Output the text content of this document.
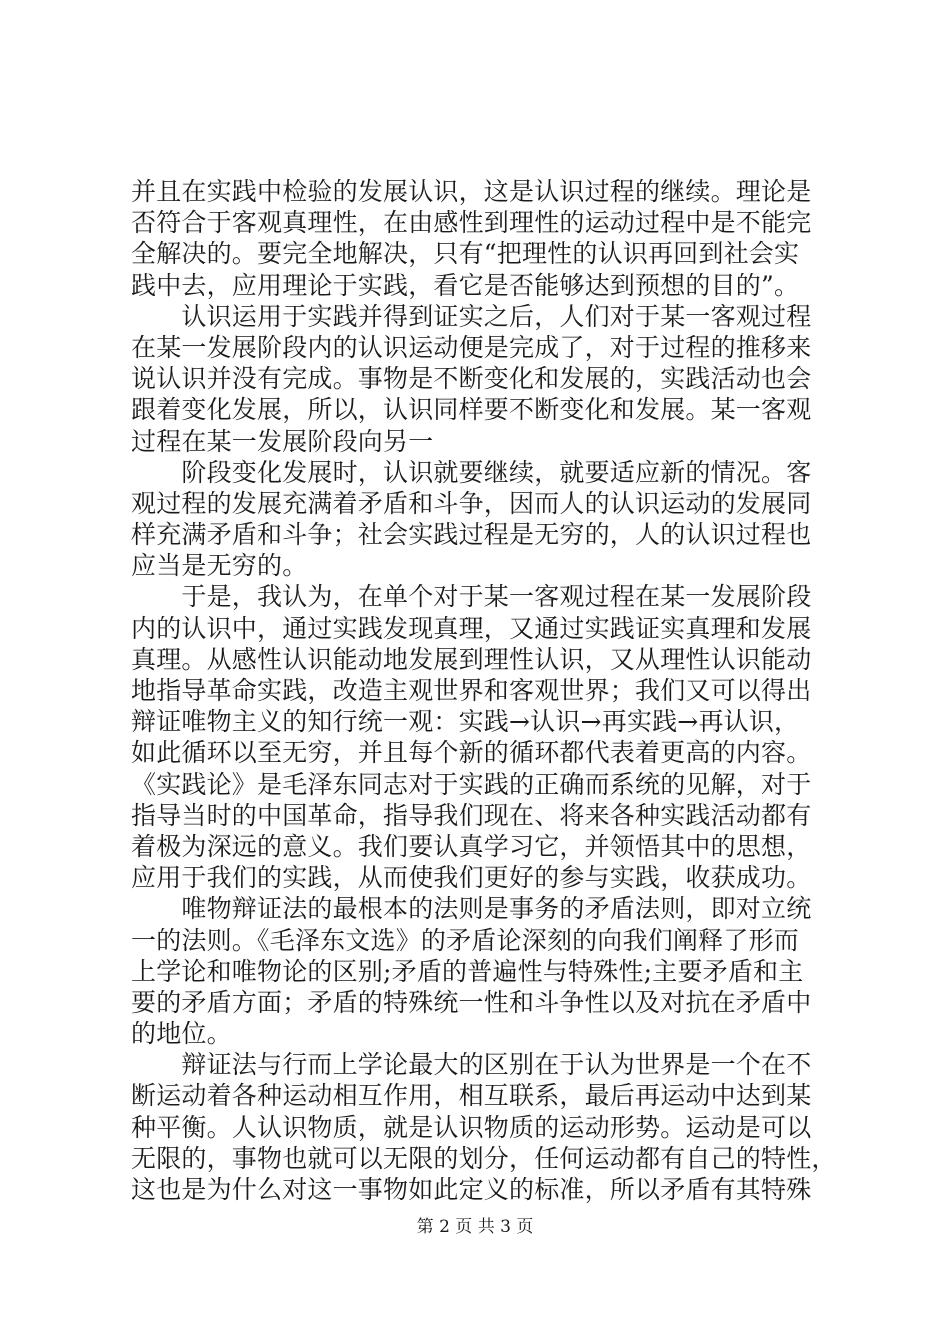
并且在实践中检验的发展认识，这是认识过程的继续。理论是
否符合于客观真理性，在由感性到理性的运动过程中是不能完
全解决的。要完全地解决，只有“把理性的认识再回到社会实
践中去，应用理论于实践，看它是否能够达到预想的目的”。
　　认识运用于实践并得到证实之后，人们对于某一客观过程
在某一发展阶段内的认识运动便是完成了，对于过程的推移来
说认识并没有完成。事物是不断变化和发展的，实践活动也会
跟着变化发展，所以，认识同样要不断变化和发展。某一客观
过程在某一发展阶段向另一
　　阶段变化发展时，认识就要继续，就要适应新的情况。客
观过程的发展充满着矛盾和斗争，因而人的认识运动的发展同
样充满矛盾和斗争；社会实践过程是无穷的，人的认识过程也
应当是无穷的。
　　于是，我认为，在单个对于某一客观过程在某一发展阶段
内的认识中，通过实践发现真理，又通过实践证实真理和发展
真理。从感性认识能动地发展到理性认识，又从理性认识能动
地指导革命实践，改造主观世界和客观世界；我们又可以得出
辩证唯物主义的知行统一观：实践→认识→再实践→再认识，
如此循环以至无穷，并且每个新的循环都代表着更高的内容。
《实践论》是毛泽东同志对于实践的正确而系统的见解，对于
指导当时的中国革命，指导我们现在、将来各种实践活动都有
着极为深远的意义。我们要认真学习它，并领悟其中的思想，
应用于我们的实践，从而使我们更好的参与实践，收获成功。
　　唯物辩证法的最根本的法则是事务的矛盾法则，即对立统
一的法则。《毛泽东文选》的矛盾论深刻的向我们阐释了形而
上学论和唯物论的区别;矛盾的普遍性与特殊性;主要矛盾和主
要的矛盾方面；矛盾的特殊统一性和斗争性以及对抗在矛盾中
的地位。
　　辩证法与行而上学论最大的区别在于认为世界是一个在不
断运动着各种运动相互作用，相互联系，最后再运动中达到某
种平衡。人认识物质，就是认识物质的运动形势。运动是可以
无限的，事物也就可以无限的划分，任何运动都有自己的特性，
这也是为什么对这一事物如此定义的标准，所以矛盾有其特殊
第 2 页 共 3 页
